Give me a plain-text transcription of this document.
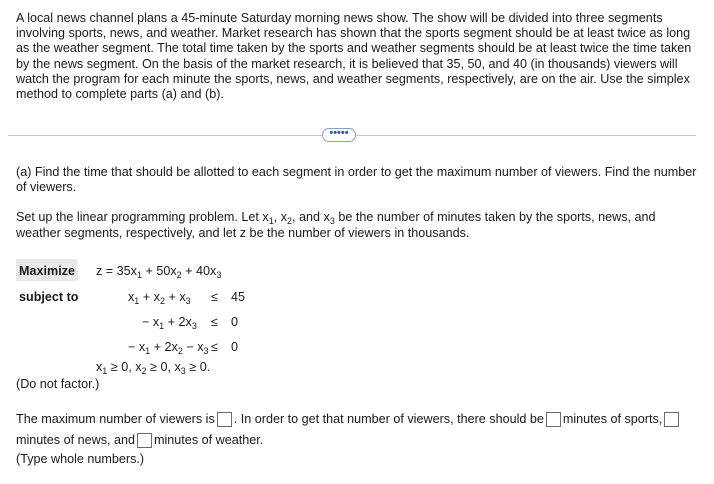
A local news channel plans a 45-minute Saturday morning news show. The show will be divided into three segments involving sports, news, and weather. Market research has shown that the sports segment should be at least twice as long as the weather segment. The total time taken by the sports and weather segments should be at least twice the time taken by the news segment. On the basis of the market research, it is believed that 35, 50, and 40 (in thousands) viewers will watch the program for each minute the sports, news, and weather segments, respectively, are on the air. Use the simplex method to complete parts (a) and (b).

•••••

(a) Find the time that should be allotted to each segment in order to get the maximum number of viewers. Find the number of viewers.

Set up the linear programming problem. Let $x_1$, $x_2$, and $x_3$ be the number of minutes taken by the sports, news, and weather segments, respectively, and let z be the number of viewers in thousands.

Maximize $z = 35x_1 + 50x_2 + 40x_3$
subject to	$x_1 + x_2 + x_3 \le 45$
− $x_1 + 2x_3 \le 0$
− $x_1 + 2x_2 - x_3 \le 0$
$x_1 \ge 0$, $x_2 \ge 0$, $x_3 \ge 0$.
(Do not factor.)

The maximum number of viewers is . In order to get that number of viewers, there should be minutes of sports,minutes of news, and minutes of weather.

(Type whole numbers.)
